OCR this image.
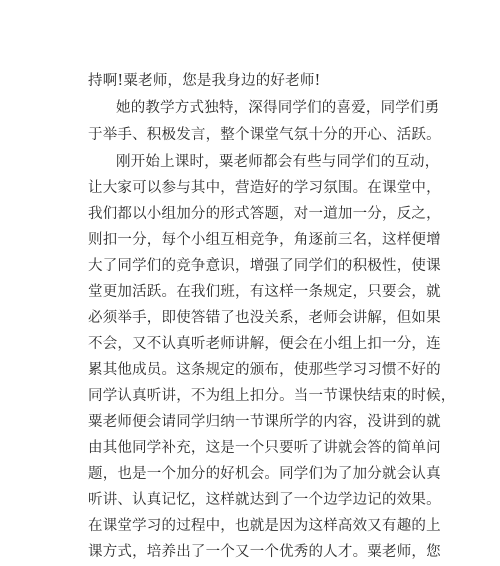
持啊!粟老师，您是我身边的好老师!
她的教学方式独特，深得同学们的喜爱，同学们勇
于举手、积极发言，整个课堂气氛十分的开心、活跃。
刚开始上课时，粟老师都会有些与同学们的互动，
让大家可以参与其中，营造好的学习氛围。在课堂中，
我们都以小组加分的形式答题，对一道加一分，反之，
则扣一分，每个小组互相竞争，角逐前三名，这样便增
大了同学们的竞争意识，增强了同学们的积极性，使课
堂更加活跃。在我们班，有这样一条规定，只要会，就
必须举手，即使答错了也没关系，老师会讲解，但如果
不会，又不认真听老师讲解，便会在小组上扣一分，连
累其他成员。这条规定的颁布，使那些学习习惯不好的
同学认真听讲，不为组上扣分。当一节课快结束的时候，
粟老师便会请同学归纳一节课所学的内容，没讲到的就
由其他同学补充，这是一个只要听了讲就会答的简单问
题，也是一个加分的好机会。同学们为了加分就会认真
听讲、认真记忆，这样就达到了一个边学边记的效果。
在课堂学习的过程中，也就是因为这样高效又有趣的上
课方式，培养出了一个又一个优秀的人才。粟老师，您
